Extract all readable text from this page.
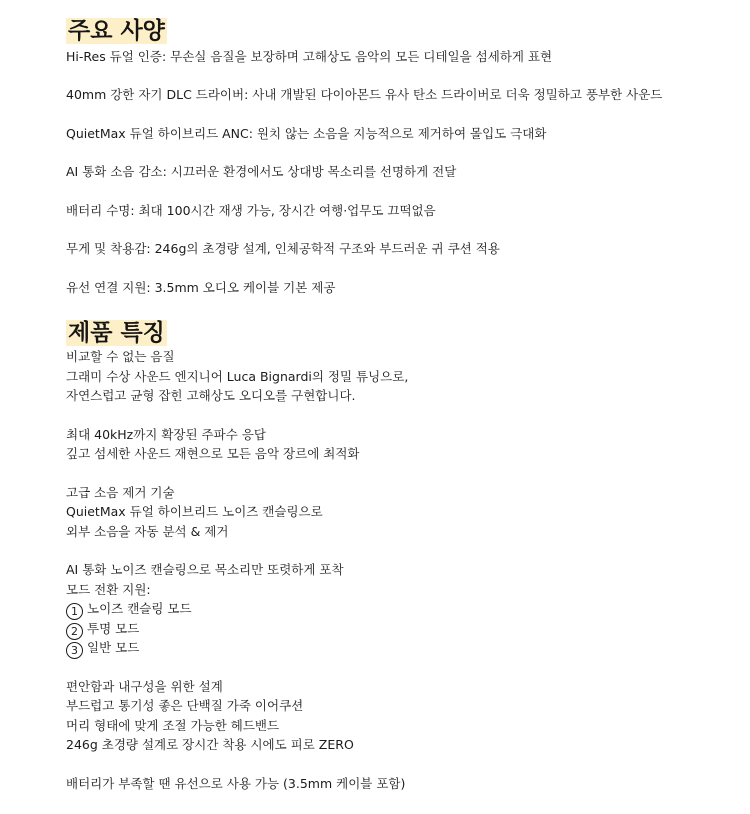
주요 사양

Hi-Res 듀얼 인증: 무손실 음질을 보장하며 고해상도 음악의 모든 디테일을 섬세하게 표현

40mm 강한 자기 DLC 드라이버: 사내 개발된 다이아몬드 유사 탄소 드라이버로 더욱 정밀하고 풍부한 사운드

QuietMax 듀얼 하이브리드 ANC: 원치 않는 소음을 지능적으로 제거하여 몰입도 극대화

AI 통화 소음 감소: 시끄러운 환경에서도 상대방 목소리를 선명하게 전달

배터리 수명: 최대 100시간 재생 가능, 장시간 여행·업무도 끄떡없음

무게 및 착용감: 246g의 초경량 설계, 인체공학적 구조와 부드러운 귀 쿠션 적용

유선 연결 지원: 3.5mm 오디오 케이블 기본 제공

제품 특징

비교할 수 없는 음질

그래미 수상 사운드 엔지니어 Luca Bignardi의 정밀 튜닝으로,

자연스럽고 균형 잡힌 고해상도 오디오를 구현합니다.

최대 40kHz까지 확장된 주파수 응답

깊고 섬세한 사운드 재현으로 모든 음악 장르에 최적화

고급 소음 제거 기술

QuietMax 듀얼 하이브리드 노이즈 캔슬링으로

외부 소음을 자동 분석 & 제거

AI 통화 노이즈 캔슬링으로 목소리만 또렷하게 포착

모드 전환 지원:

1 노이즈 캔슬링 모드

2 투명 모드

3 일반 모드

편안함과 내구성을 위한 설계

부드럽고 통기성 좋은 단백질 가죽 이어쿠션

머리 형태에 맞게 조절 가능한 헤드밴드

246g 초경량 설계로 장시간 착용 시에도 피로 ZERO

배터리가 부족할 땐 유선으로 사용 가능 (3.5mm 케이블 포함)
